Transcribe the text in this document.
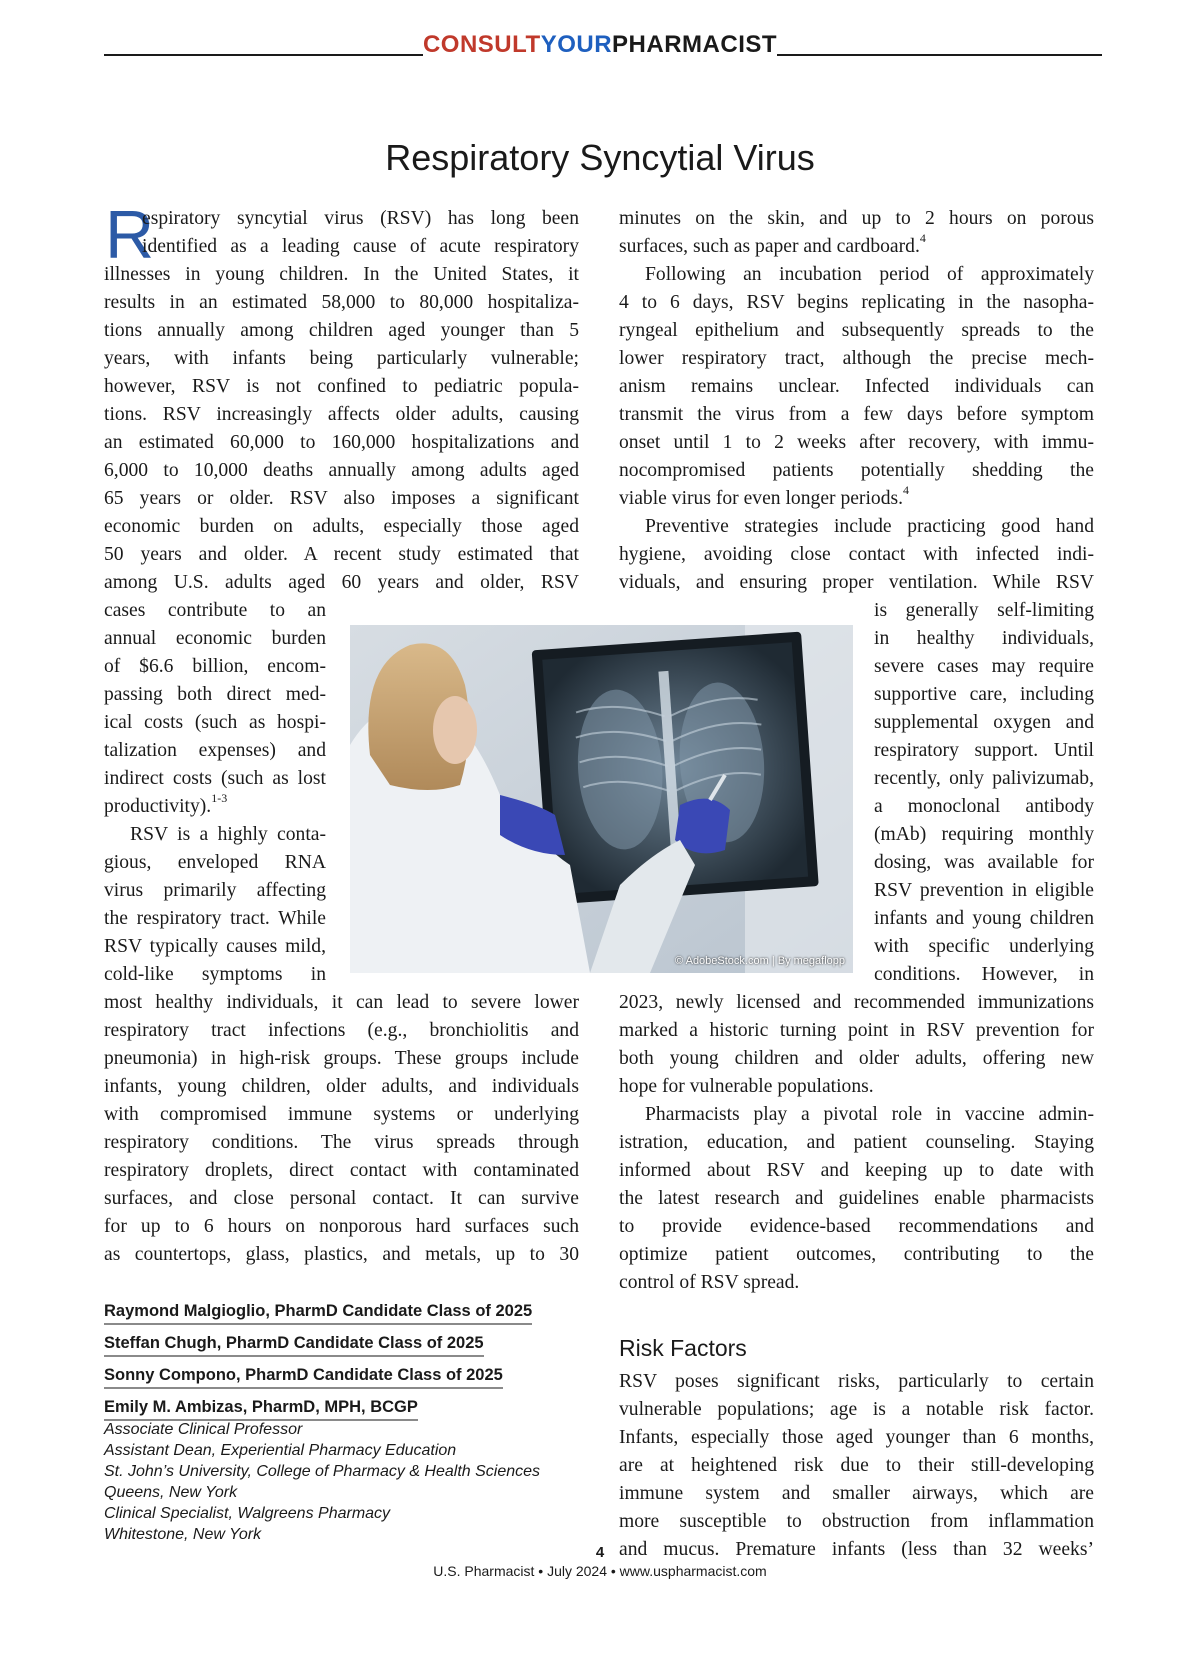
CONSULTYOURPHARMACIST
Respiratory Syncytial Virus
R
espiratory syncytial virus (RSV) has long been
identified as a leading cause of acute respiratory
illnesses in young children. In the United States, it
results in an estimated 58,000 to 80,000 hospitaliza-
tions annually among children aged younger than 5
years, with infants being particularly vulnerable;
however, RSV is not confined to pediatric popula-
tions. RSV increasingly affects older adults, causing
an estimated 60,000 to 160,000 hospitalizations and
6,000 to 10,000 deaths annually among adults aged
65 years or older. RSV also imposes a significant
economic burden on adults, especially those aged
50 years and older. A recent study estimated that
among U.S. adults aged 60 years and older, RSV
cases contribute to an
annual economic burden
of $6.6 billion, encom-
passing both direct med-
ical costs (such as hospi-
talization expenses) and
indirect costs (such as lost
productivity).$^{1-3}$
RSV is a highly conta-
gious, enveloped RNA
virus primarily affecting
the respiratory tract. While
RSV typically causes mild,
cold-like symptoms in
most healthy individuals, it can lead to severe lower
respiratory tract infections (e.g., bronchiolitis and
pneumonia) in high-risk groups. These groups include
infants, young children, older adults, and individuals
with compromised immune systems or underlying
respiratory conditions. The virus spreads through
respiratory droplets, direct contact with contaminated
surfaces, and close personal contact. It can survive
for up to 6 hours on nonporous hard surfaces such
as countertops, glass, plastics, and metals, up to 30
minutes on the skin, and up to 2 hours on porous
surfaces, such as paper and cardboard.$^4$
Following an incubation period of approximately
4 to 6 days, RSV begins replicating in the nasopha-
ryngeal epithelium and subsequently spreads to the
lower respiratory tract, although the precise mech-
anism remains unclear. Infected individuals can
transmit the virus from a few days before symptom
onset until 1 to 2 weeks after recovery, with immu-
nocompromised patients potentially shedding the
viable virus for even longer periods.$^4$
Preventive strategies include practicing good hand
hygiene, avoiding close contact with infected indi-
viduals, and ensuring proper ventilation. While RSV
is generally self-limiting
in healthy individuals,
severe cases may require
supportive care, including
supplemental oxygen and
respiratory support. Until
recently, only palivizumab,
a monoclonal antibody
(mAb) requiring monthly
dosing, was available for
RSV prevention in eligible
infants and young children
with specific underlying
conditions. However, in
2023, newly licensed and recommended immunizations
marked a historic turning point in RSV prevention for
both young children and older adults, offering new
hope for vulnerable populations.
Pharmacists play a pivotal role in vaccine admin-
istration, education, and patient counseling. Staying
informed about RSV and keeping up to date with
the latest research and guidelines enable pharmacists
to provide evidence-based recommendations and
optimize patient outcomes, contributing to the
control of RSV spread.
RSV poses significant risks, particularly to certain
vulnerable populations; age is a notable risk factor.
Infants, especially those aged younger than 6 months,
are at heightened risk due to their still-developing
immune system and smaller airways, which are
more susceptible to obstruction from inflammation
and mucus. Premature infants (less than 32 weeks’
Risk Factors
© AdobeStock.com | By megaflopp
Raymond Malgioglio, PharmD Candidate Class of 2025
Steffan Chugh, PharmD Candidate Class of 2025
Sonny Compono, PharmD Candidate Class of 2025
Emily M. Ambizas, PharmD, MPH, BCGP
Associate Clinical Professor
Assistant Dean, Experiential Pharmacy Education
St. John’s University, College of Pharmacy & Health Sciences
Queens, New York
Clinical Specialist, Walgreens Pharmacy
Whitestone, New York
4
U.S. Pharmacist • July 2024 • www.uspharmacist.com
